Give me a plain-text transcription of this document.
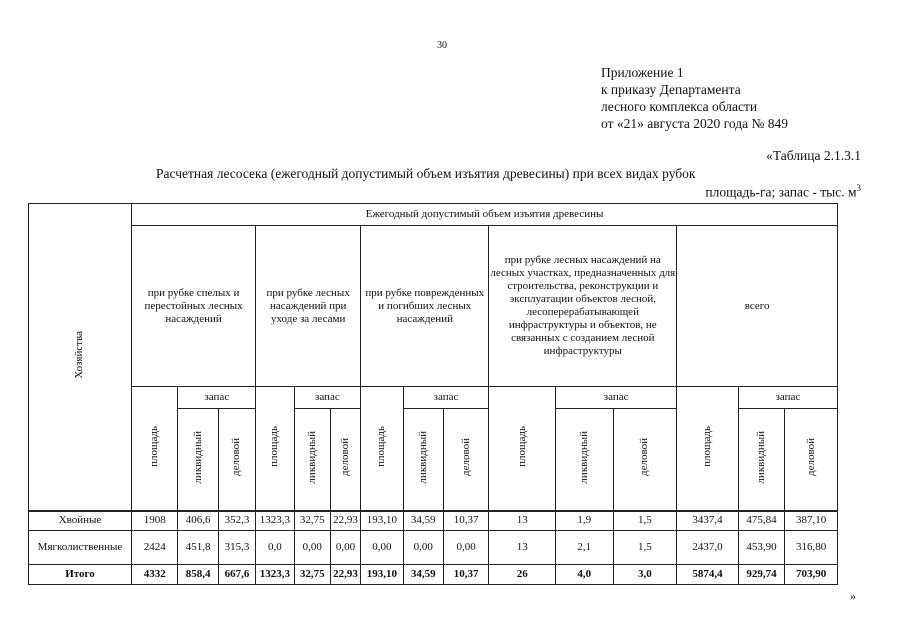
30
Приложение 1
к приказу Департамента
лесного комплекса области
от «21» августа 2020 года № 849
«Таблица 2.1.3.1
Расчетная лесосека (ежегодный допустимый объем изъятия древесины) при всех видах рубок
площадь-га; запас - тыс. $м^3$
Хозяйства	Ежегодный допустимый объем изъятия древесины														
	при рубке спелых и перестойных лесных насаждений			при рубке лесных насаждений при уходе за лесами			при рубке поврежденных и погибших лесных насаждений			при рубке лесных насаждений на лесных участках, предназначенных для строительства, реконструкции и эксплуатации объектов лесной, лесоперерабатывающей инфраструктуры и объектов, не связанных с созданием лесной инфраструктуры			всего		
	площадь	запас		площадь	запас		площадь	запас		площадь	запас		площадь	запас	
		ликвидный	деловой		ликвидный	деловой		ликвидный	деловой		ликвидный	деловой		ликвидный	деловой
Хвойные	1908	406,6	352,3	1323,3	32,75	22,93	193,10	34,59	10,37	13	1,9	1,5	3437,4	475,84	387,10
Мягколиственные	2424	451,8	315,3	0,0	0,00	0,00	0,00	0,00	0,00	13	2,1	1,5	2437,0	453,90	316,80
Итого	4332	858,4	667,6	1323,3	32,75	22,93	193,10	34,59	10,37	26	4,0	3,0	5874,4	929,74	703,90
»
